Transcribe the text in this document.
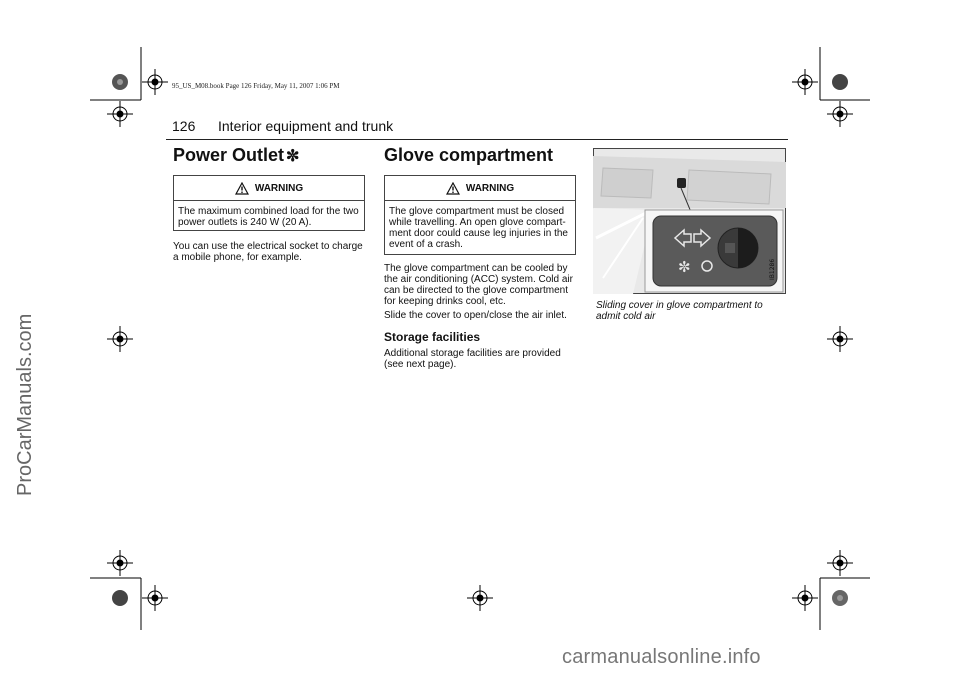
95_US_M08.book Page 126 Friday, May 11, 2007 1:06 PM
126 Interior equipment and trunk
Power Outlet ✼
WARNING
The maximum combined load for the two power outlets is 240 W (20 A).
You can use the electrical socket to charge a mobile phone, for example.
Glove compartment
WARNING
The glove compartment must be closed while travelling. An open glove compart-ment door could cause leg injuries in the event of a crash.
The glove compartment can be cooled by the air conditioning (ACC) system. Cold air can be directed to the glove compartment for keeping drinks cool, etc.
Slide the cover to open/close the air inlet.
Storage facilities
Additional storage facilities are provided (see next page).
✼	IB1286
Sliding cover in glove compartment to admit cold air
ProCarManuals.com
carmanualsonline.info
